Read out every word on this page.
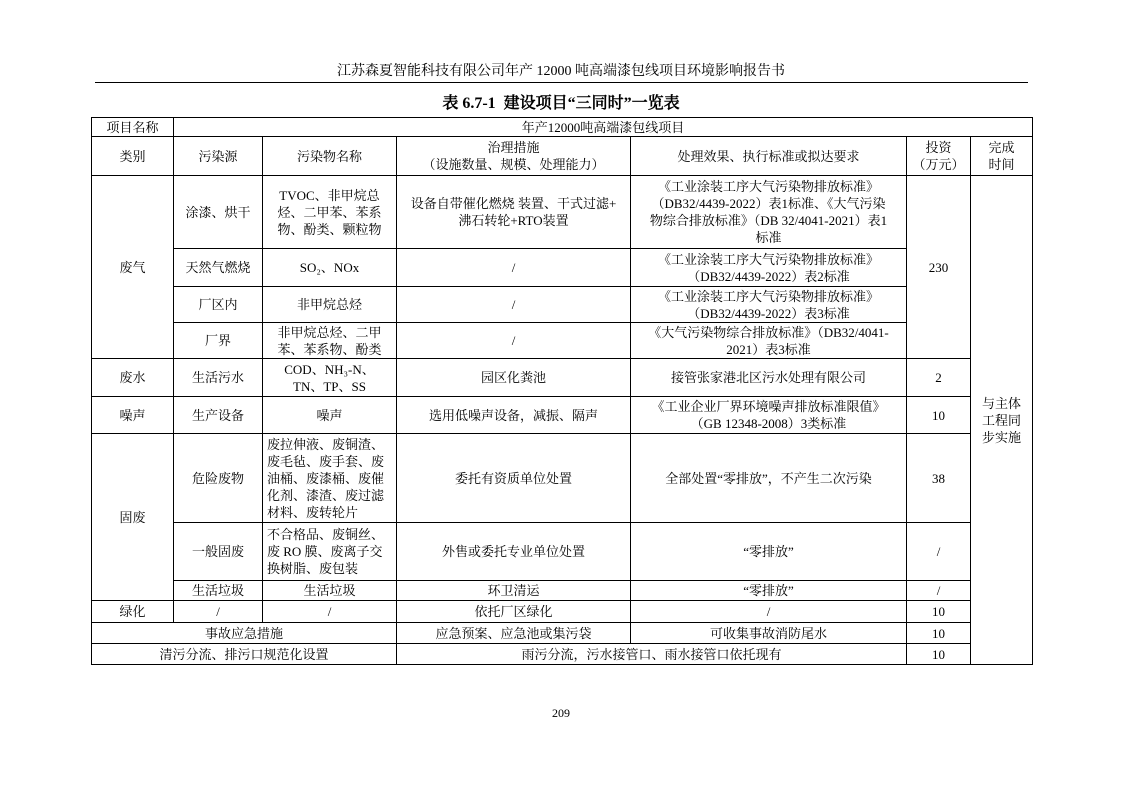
江苏森夏智能科技有限公司年产 12000 吨高端漆包线项目环境影响报告书
表 6.7-1  建设项目“三同时”一览表
项目名称	年产12000吨高端漆包线项目					
类别	污染源	污染物名称	治理措施
（设施数量、规模、处理能力）	处理效果、执行标准或拟达要求	投资
（万元）	完成
时间
废气	涂漆、烘干	TVOC、非甲烷总
烃、二甲苯、苯系
物、酚类、颗粒物	设备自带催化燃烧 装置、干式过滤+
沸石转轮+RTO装置	《工业涂装工序大气污染物排放标准》
（DB32/4439-2022）表1标准、《大气污染
物综合排放标准》（DB 32/4041-2021）表1
标准	230	与主体
工程同
步实施
	天然气燃烧	SO₂、NOx	/	《工业涂装工序大气污染物排放标准》
（DB32/4439-2022）表2标准		
	厂区内	非甲烷总烃	/	《工业涂装工序大气污染物排放标准》
（DB32/4439-2022）表3标准		
	厂界	非甲烷总烃、二甲
苯、苯系物、酚类	/	《大气污染物综合排放标准》（DB32/4041-
2021）表3标准		
废水	生活污水	COD、NH₃-N、
TN、TP、SS	园区化粪池	接管张家港北区污水处理有限公司	2	
噪声	生产设备	噪声	选用低噪声设备，减振、隔声	《工业企业厂界环境噪声排放标准限值》
（GB 12348-2008）3类标准	10	
固废	危险废物	废拉伸液、废铜渣、
废毛毡、废手套、废
油桶、废漆桶、废催
化剂、漆渣、废过滤
材料、废转轮片	委托有资质单位处置	全部处置“零排放”，不产生二次污染	38	
	一般固废	不合格品、废铜丝、
废 RO 膜、废离子交
换树脂、废包装	外售或委托专业单位处置	“零排放”	/	
	生活垃圾	生活垃圾	环卫清运	“零排放”	/	
绿化	/	/	依托厂区绿化	/	10	
事故应急措施			应急预案、应急池或集污袋	可收集事故消防尾水	10	
清污分流、排污口规范化设置			雨污分流，污水接管口、雨水接管口依托现有		10	
209
